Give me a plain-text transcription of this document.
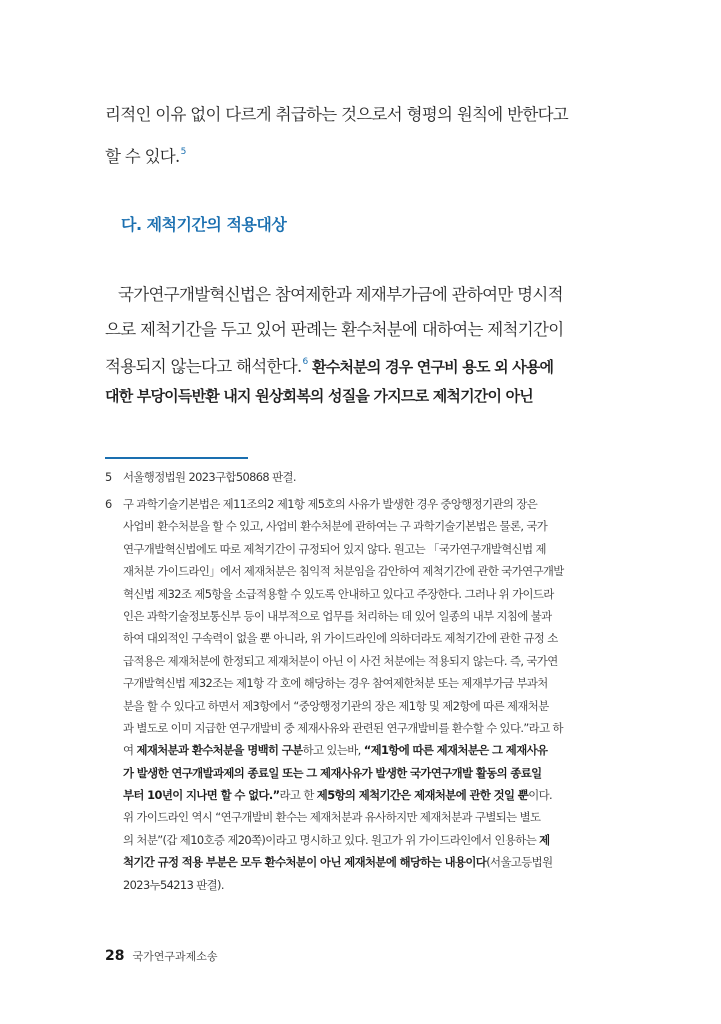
리적인 이유 없이 다르게 취급하는 것으로서 형평의 원칙에 반한다고
할 수 있다.$^5$
다. 제척기간의 적용대상
국가연구개발혁신법은 참여제한과 제재부가금에 관하여만 명시적
으로 제척기간을 두고 있어 판례는 환수처분에 대하여는 제척기간이
적용되지 않는다고 해석한다.$^6$ 환수처분의 경우 연구비 용도 외 사용에
대한 부당이득반환 내지 원상회복의 성질을 가지므로 제척기간이 아닌
5 서울행정법원 2023구합50868 판결.
6 구 과학기술기본법은 제11조의2 제1항 제5호의 사유가 발생한 경우 중앙행정기관의 장은
사업비 환수처분을 할 수 있고, 사업비 환수처분에 관하여는 구 과학기술기본법은 물론, 국가
연구개발혁신법에도 따로 제척기간이 규정되어 있지 않다. 원고는 「국가연구개발혁신법 제
재처분 가이드라인」에서 제재처분은 침익적 처분임을 감안하여 제척기간에 관한 국가연구개발
혁신법 제32조 제5항을 소급적용할 수 있도록 안내하고 있다고 주장한다. 그러나 위 가이드라
인은 과학기술정보통신부 등이 내부적으로 업무를 처리하는 데 있어 일종의 내부 지침에 불과
하여 대외적인 구속력이 없을 뿐 아니라, 위 가이드라인에 의하더라도 제척기간에 관한 규정 소
급적용은 제재처분에 한정되고 제재처분이 아닌 이 사건 처분에는 적용되지 않는다. 즉, 국가연
구개발혁신법 제32조는 제1항 각 호에 해당하는 경우 참여제한처분 또는 제재부가금 부과처
분을 할 수 있다고 하면서 제3항에서 “중앙행정기관의 장은 제1항 및 제2항에 따른 제재처분
과 별도로 이미 지급한 연구개발비 중 제재사유와 관련된 연구개발비를 환수할 수 있다.”라고 하
여 제재처분과 환수처분을 명백히 구분하고 있는바, “제1항에 따른 제재처분은 그 제재사유
가 발생한 연구개발과제의 종료일 또는 그 제재사유가 발생한 국가연구개발 활동의 종료일
부터 10년이 지나면 할 수 없다.”라고 한 제5항의 제척기간은 제재처분에 관한 것일 뿐이다.
위 가이드라인 역시 “연구개발비 환수는 제재처분과 유사하지만 제재처분과 구별되는 별도
의 처분”(갑 제10호증 제20쪽)이라고 명시하고 있다. 원고가 위 가이드라인에서 인용하는 제
척기간 규정 적용 부분은 모두 환수처분이 아닌 제재처분에 해당하는 내용이다(서울고등법원
2023누54213 판결).
28 국가연구과제소송
